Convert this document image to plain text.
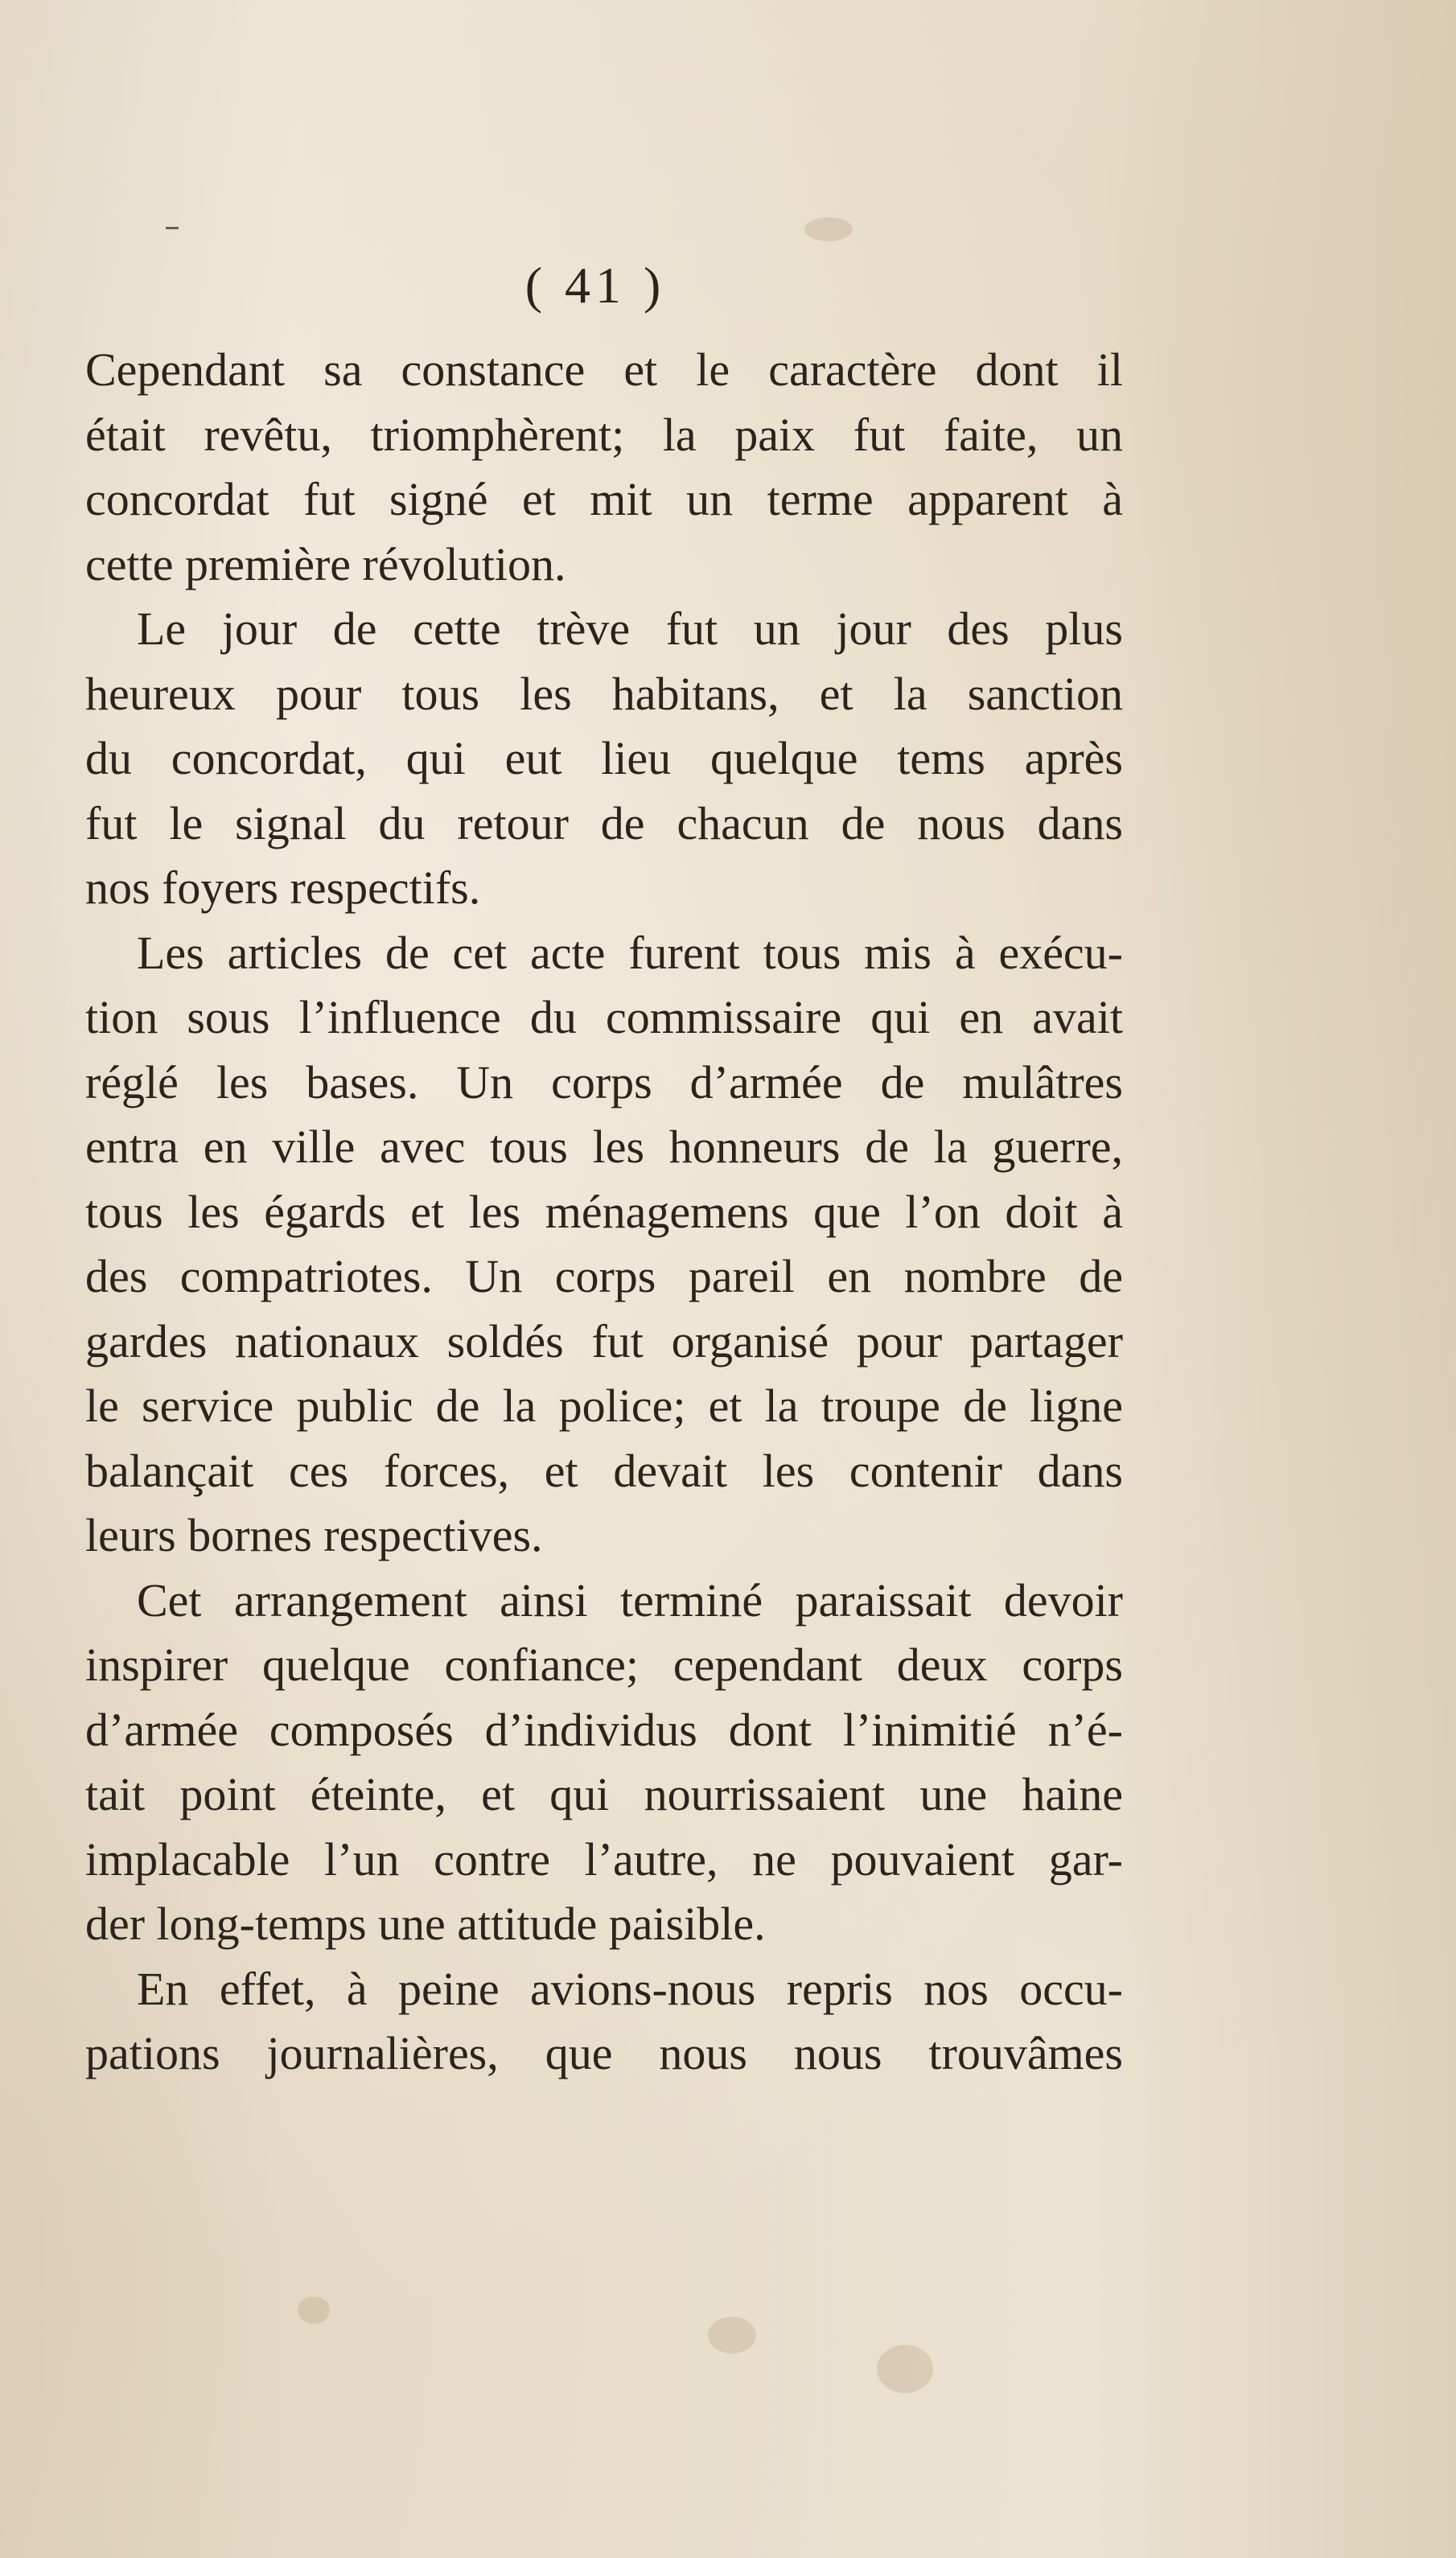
( 41 )
Cependant sa constance et le caractère dont il
était revêtu, triomphèrent; la paix fut faite, un
concordat fut signé et mit un terme apparent à
cette première révolution.
Le jour de cette trève fut un jour des plus
heureux pour tous les habitans, et la sanction
du concordat, qui eut lieu quelque tems après
fut le signal du retour de chacun de nous dans
nos foyers respectifs.
Les articles de cet acte furent tous mis à exécu-
tion sous l’influence du commissaire qui en avait
réglé les bases. Un corps d’armée de mulâtres
entra en ville avec tous les honneurs de la guerre,
tous les égards et les ménagemens que l’on doit à
des compatriotes. Un corps pareil en nombre de
gardes nationaux soldés fut organisé pour partager
le service public de la police; et la troupe de ligne
balançait ces forces, et devait les contenir dans
leurs bornes respectives.
Cet arrangement ainsi terminé paraissait devoir
inspirer quelque confiance; cependant deux corps
d’armée composés d’individus dont l’inimitié n’é-
tait point éteinte, et qui nourrissaient une haine
implacable l’un contre l’autre, ne pouvaient gar-
der long-temps une attitude paisible.
En effet, à peine avions-nous repris nos occu-
pations journalières, que nous nous trouvâmes
